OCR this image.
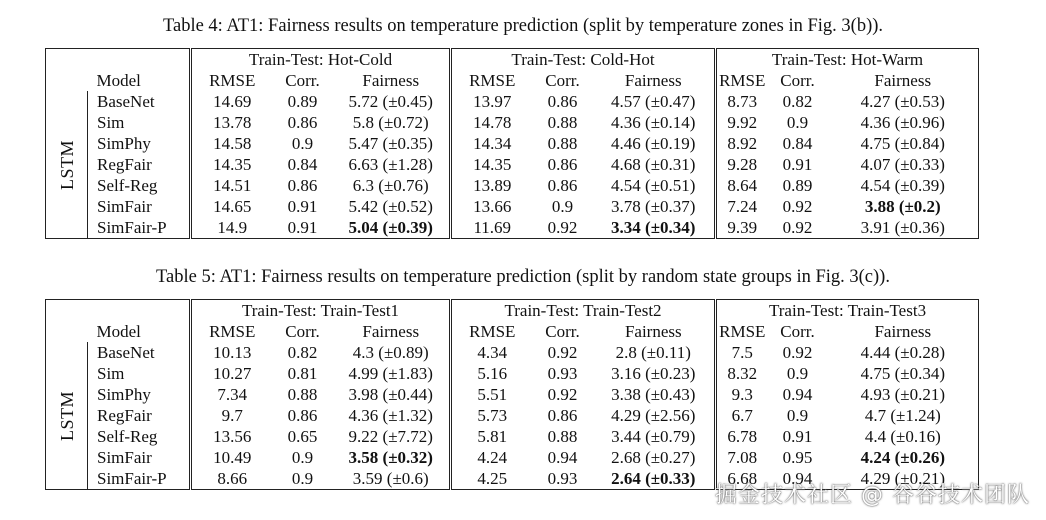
Table 4: AT1: Fairness results on temperature prediction (split by temperature zones in Fig. 3(b)).
		Train-Test: Hot-Cold			Train-Test: Cold-Hot			Train-Test: Hot-Warm		
	Model	RMSE	Corr.	Fairness	RMSE	Corr.	Fairness	RMSE	Corr.	Fairness

LSTM	BaseNet	14.69	0.89	5.72 (±0.45)	13.97	0.86	4.57 (±0.47)	8.73	0.82	4.27 (±0.53)
	Sim	13.78	0.86	5.8 (±0.72)	14.78	0.88	4.36 (±0.14)	9.92	0.9	4.36 (±0.96)
	SimPhy	14.58	0.9	5.47 (±0.35)	14.34	0.88	4.46 (±0.19)	8.92	0.84	4.75 (±0.84)
	RegFair	14.35	0.84	6.63 (±1.28)	14.35	0.86	4.68 (±0.31)	9.28	0.91	4.07 (±0.33)
	Self-Reg	14.51	0.86	6.3 (±0.76)	13.89	0.86	4.54 (±0.51)	8.64	0.89	4.54 (±0.39)
	SimFair	14.65	0.91	5.42 (±0.52)	13.66	0.9	3.78 (±0.37)	7.24	0.92	3.88 (±0.2)
	SimFair-P	14.9	0.91	5.04 (±0.39)	11.69	0.92	3.34 (±0.34)	9.39	0.92	3.91 (±0.36)
Table 5: AT1: Fairness results on temperature prediction (split by random state groups in Fig. 3(c)).
		Train-Test: Train-Test1			Train-Test: Train-Test2			Train-Test: Train-Test3		
	Model	RMSE	Corr.	Fairness	RMSE	Corr.	Fairness	RMSE	Corr.	Fairness

LSTM	BaseNet	10.13	0.82	4.3 (±0.89)	4.34	0.92	2.8 (±0.11)	7.5	0.92	4.44 (±0.28)
	Sim	10.27	0.81	4.99 (±1.83)	5.16	0.93	3.16 (±0.23)	8.32	0.9	4.75 (±0.34)
	SimPhy	7.34	0.88	3.98 (±0.44)	5.51	0.92	3.38 (±0.43)	9.3	0.94	4.93 (±0.21)
	RegFair	9.7	0.86	4.36 (±1.32)	5.73	0.86	4.29 (±2.56)	6.7	0.9	4.7 (±1.24)
	Self-Reg	13.56	0.65	9.22 (±7.72)	5.81	0.88	3.44 (±0.79)	6.78	0.91	4.4 (±0.16)
	SimFair	10.49	0.9	3.58 (±0.32)	4.24	0.94	2.68 (±0.27)	7.08	0.95	4.24 (±0.26)
	SimFair-P	8.66	0.9	3.59 (±0.6)	4.25	0.93	2.64 (±0.33)	6.68	0.94	4.29 (±0.21)
掘金技术社区 @ 谷谷技术团队
